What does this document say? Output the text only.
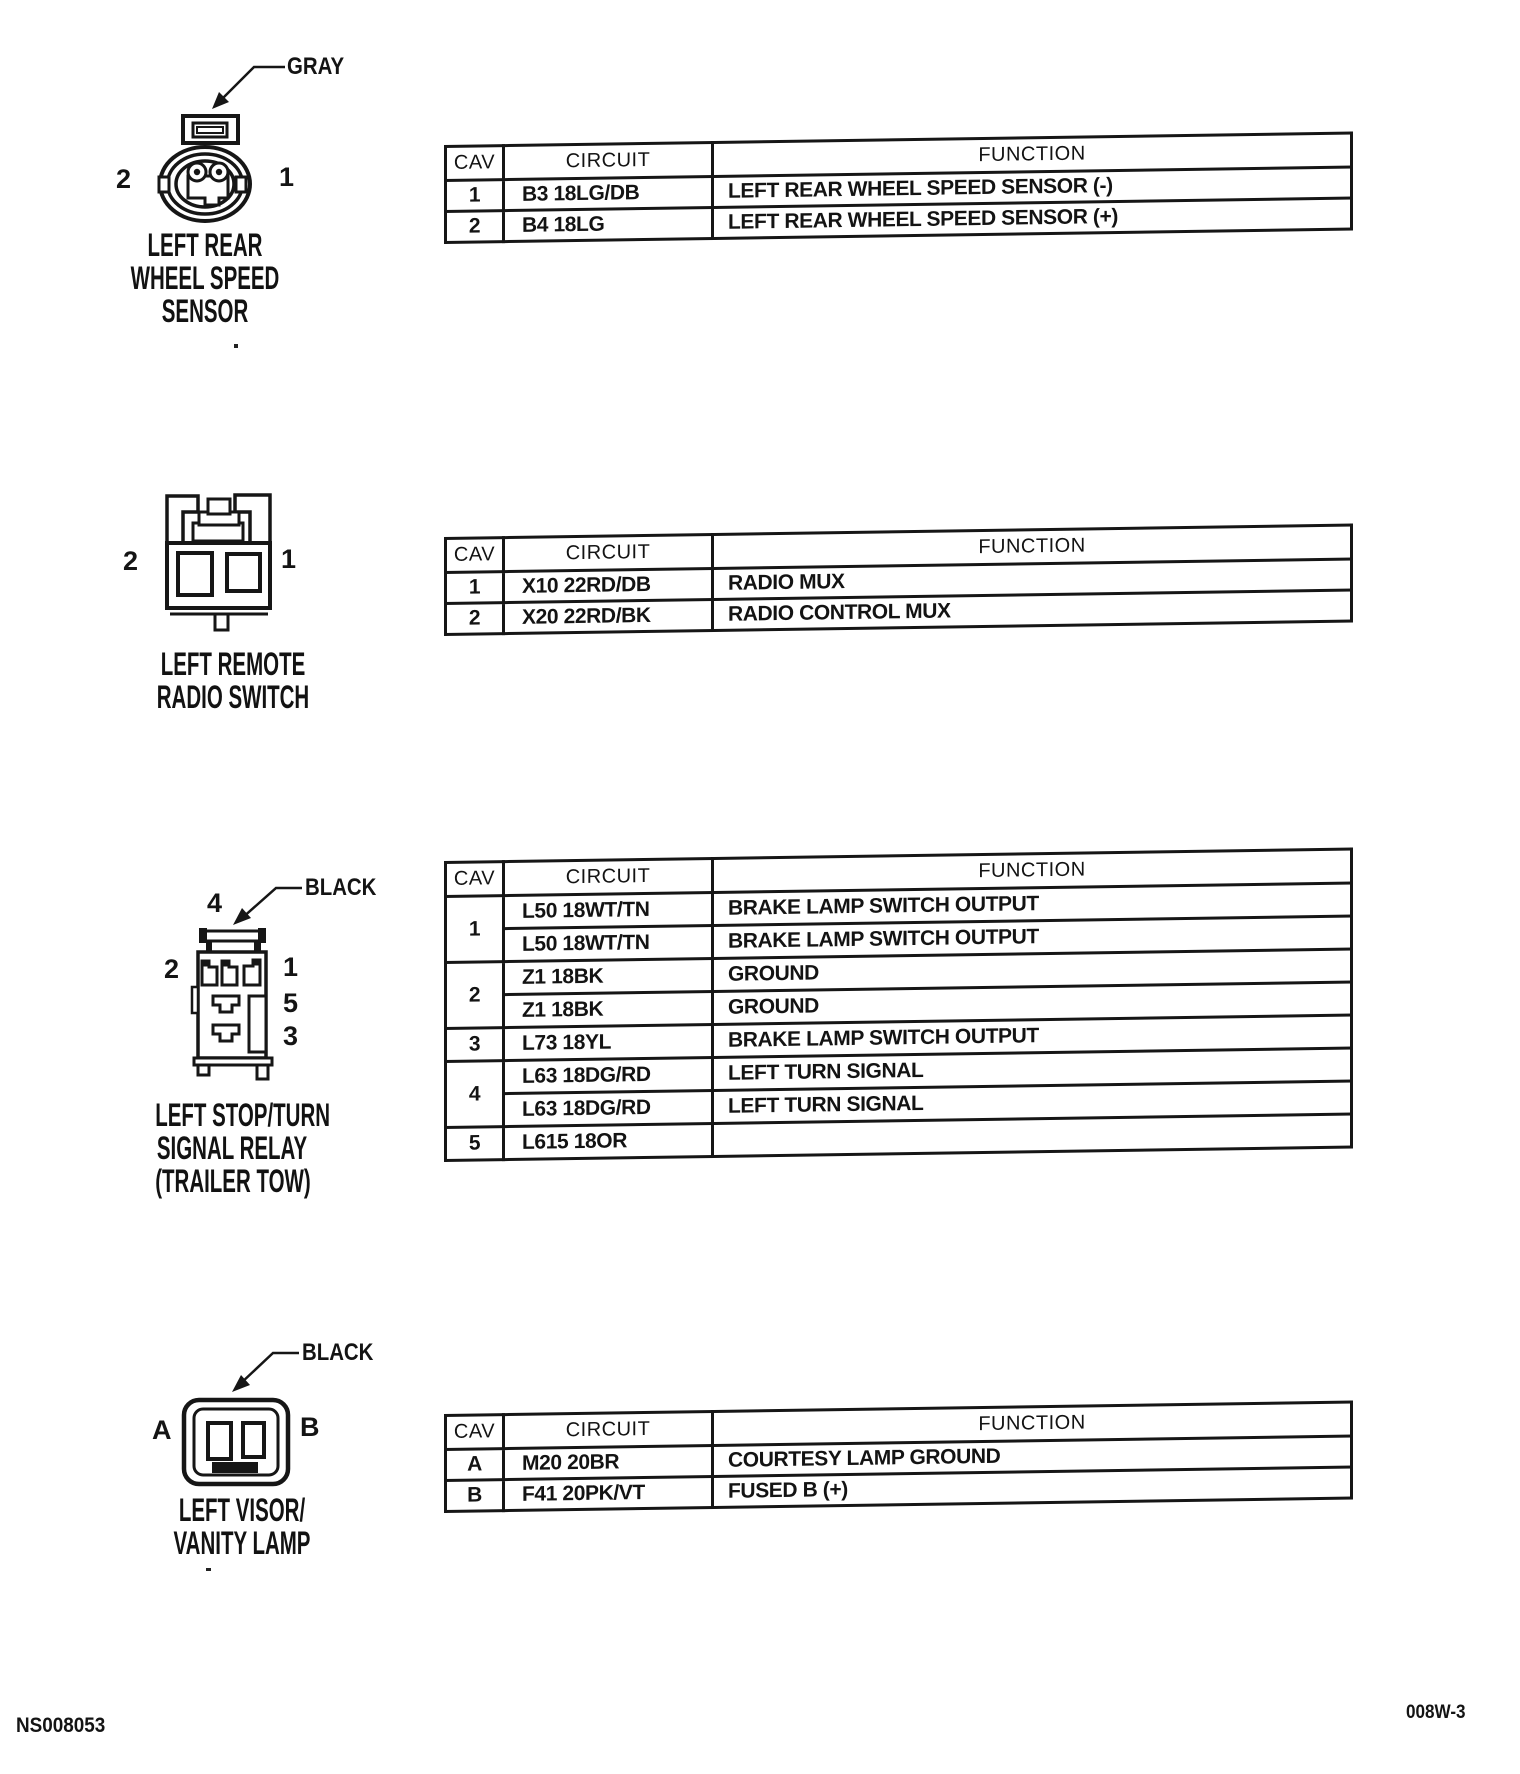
GRAY
2	1
LEFT REAR
WHEEL SPEED
SENSOR
2	1
LEFT REMOTE
RADIO SWITCH
BLACK
4
2	1
5
3
LEFT STOP/TURN
SIGNAL RELAY
(TRAILER TOW)
BLACK
A	B
LEFT VISOR/
VANITY LAMP
CAV	CIRCUIT	FUNCTION
1	B3 18LG/DB	LEFT REAR WHEEL SPEED SENSOR (-)
2	B4 18LG	LEFT REAR WHEEL SPEED SENSOR (+)
CAV	CIRCUIT	FUNCTION
1	X10 22RD/DB	RADIO MUX
2	X20 22RD/BK	RADIO CONTROL MUX
CAV	CIRCUIT	FUNCTION
1	L50 18WT/TN	BRAKE LAMP SWITCH OUTPUT
	L50 18WT/TN	BRAKE LAMP SWITCH OUTPUT
2	Z1 18BK	GROUND
	Z1 18BK	GROUND
3	L73 18YL	BRAKE LAMP SWITCH OUTPUT
4	L63 18DG/RD	LEFT TURN SIGNAL
	L63 18DG/RD	LEFT TURN SIGNAL
5	L615 18OR	
CAV	CIRCUIT	FUNCTION
A	M20 20BR	COURTESY LAMP GROUND
B	F41 20PK/VT	FUSED B (+)
NS008053
008W-3
